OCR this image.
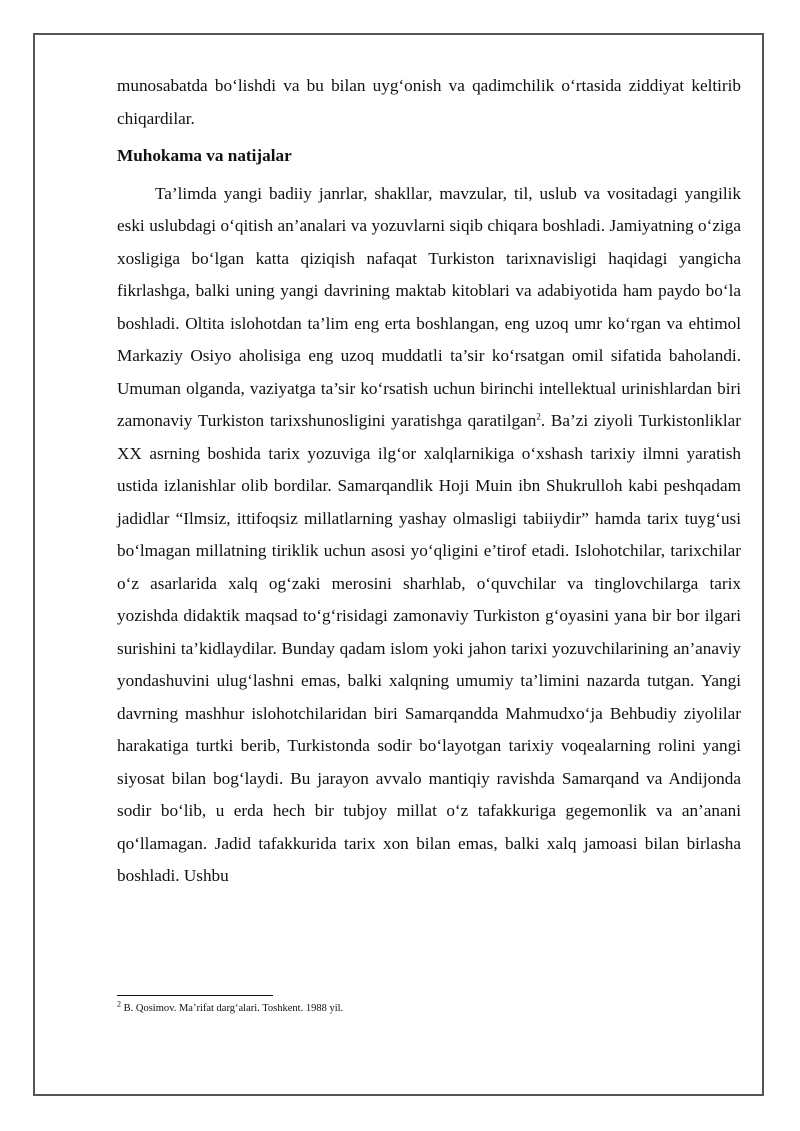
munosabatda bo‘lishdi va bu bilan uyg‘onish va qadimchilik o‘rtasida ziddiyat keltirib chiqardilar.

Muhokama va natijalar

Ta’limda yangi badiiy janrlar, shakllar, mavzular, til, uslub va vositadagi yangilik eski uslubdagi o‘qitish an’analari va yozuvlarni siqib chiqara boshladi. Jamiyatning o‘ziga xosligiga bo‘lgan katta qiziqish nafaqat Turkiston tarixnavisligi haqidagi yangicha fikrlashga, balki uning yangi davrining maktab kitoblari va adabiyotida ham paydo bo‘la boshladi. Oltita islohotdan ta’lim eng erta boshlangan, eng uzoq umr ko‘rgan va ehtimol Markaziy Osiyo aholisiga eng uzoq muddatli ta’sir ko‘rsatgan omil sifatida baholandi. Umuman olganda, vaziyatga ta’sir ko‘rsatish uchun birinchi intellektual urinishlardan biri zamonaviy Turkiston tarixshunosligini yaratishga qaratilgan$^2$. Ba’zi ziyoli Turkistonliklar XX asrning boshida tarix yozuviga ilg‘or xalqlarnikiga o‘xshash tarixiy ilmni yaratish ustida izlanishlar olib bordilar. Samarqandlik Hoji Muin ibn Shukrulloh kabi peshqadam jadidlar “Ilmsiz, ittifoqsiz millatlarning yashay olmasligi tabiiydir” hamda tarix tuyg‘usi bo‘lmagan millatning tiriklik uchun asosi yo‘qligini e’tirof etadi. Islohotchilar, tarixchilar o‘z asarlarida xalq og‘zaki merosini sharhlab, o‘quvchilar va tinglovchilarga tarix yozishda didaktik maqsad to‘g‘risidagi zamonaviy Turkiston g‘oyasini yana bir bor ilgari surishini ta’kidlaydilar. Bunday qadam islom yoki jahon tarixi yozuvchilarining an’anaviy yondashuvini ulug‘lashni emas, balki xalqning umumiy ta’limini nazarda tutgan. Yangi davrning mashhur islohotchilaridan biri Samarqandda Mahmudxo‘ja Behbudiy ziyolilar harakatiga turtki berib, Turkistonda sodir bo‘layotgan tarixiy voqealarning rolini yangi siyosat bilan bog‘laydi. Bu jarayon avvalo mantiqiy ravishda Samarqand va Andijonda sodir bo‘lib, u erda hech bir tubjoy millat o‘z tafakkuriga gegemonlik va an’anani qo‘llamagan. Jadid tafakkurida tarix xon bilan emas, balki xalq jamoasi bilan birlasha boshladi. Ushbu

$^2$ B. Qosimov. Ma’rifat darg‘alari. Toshkent. 1988 yil.
